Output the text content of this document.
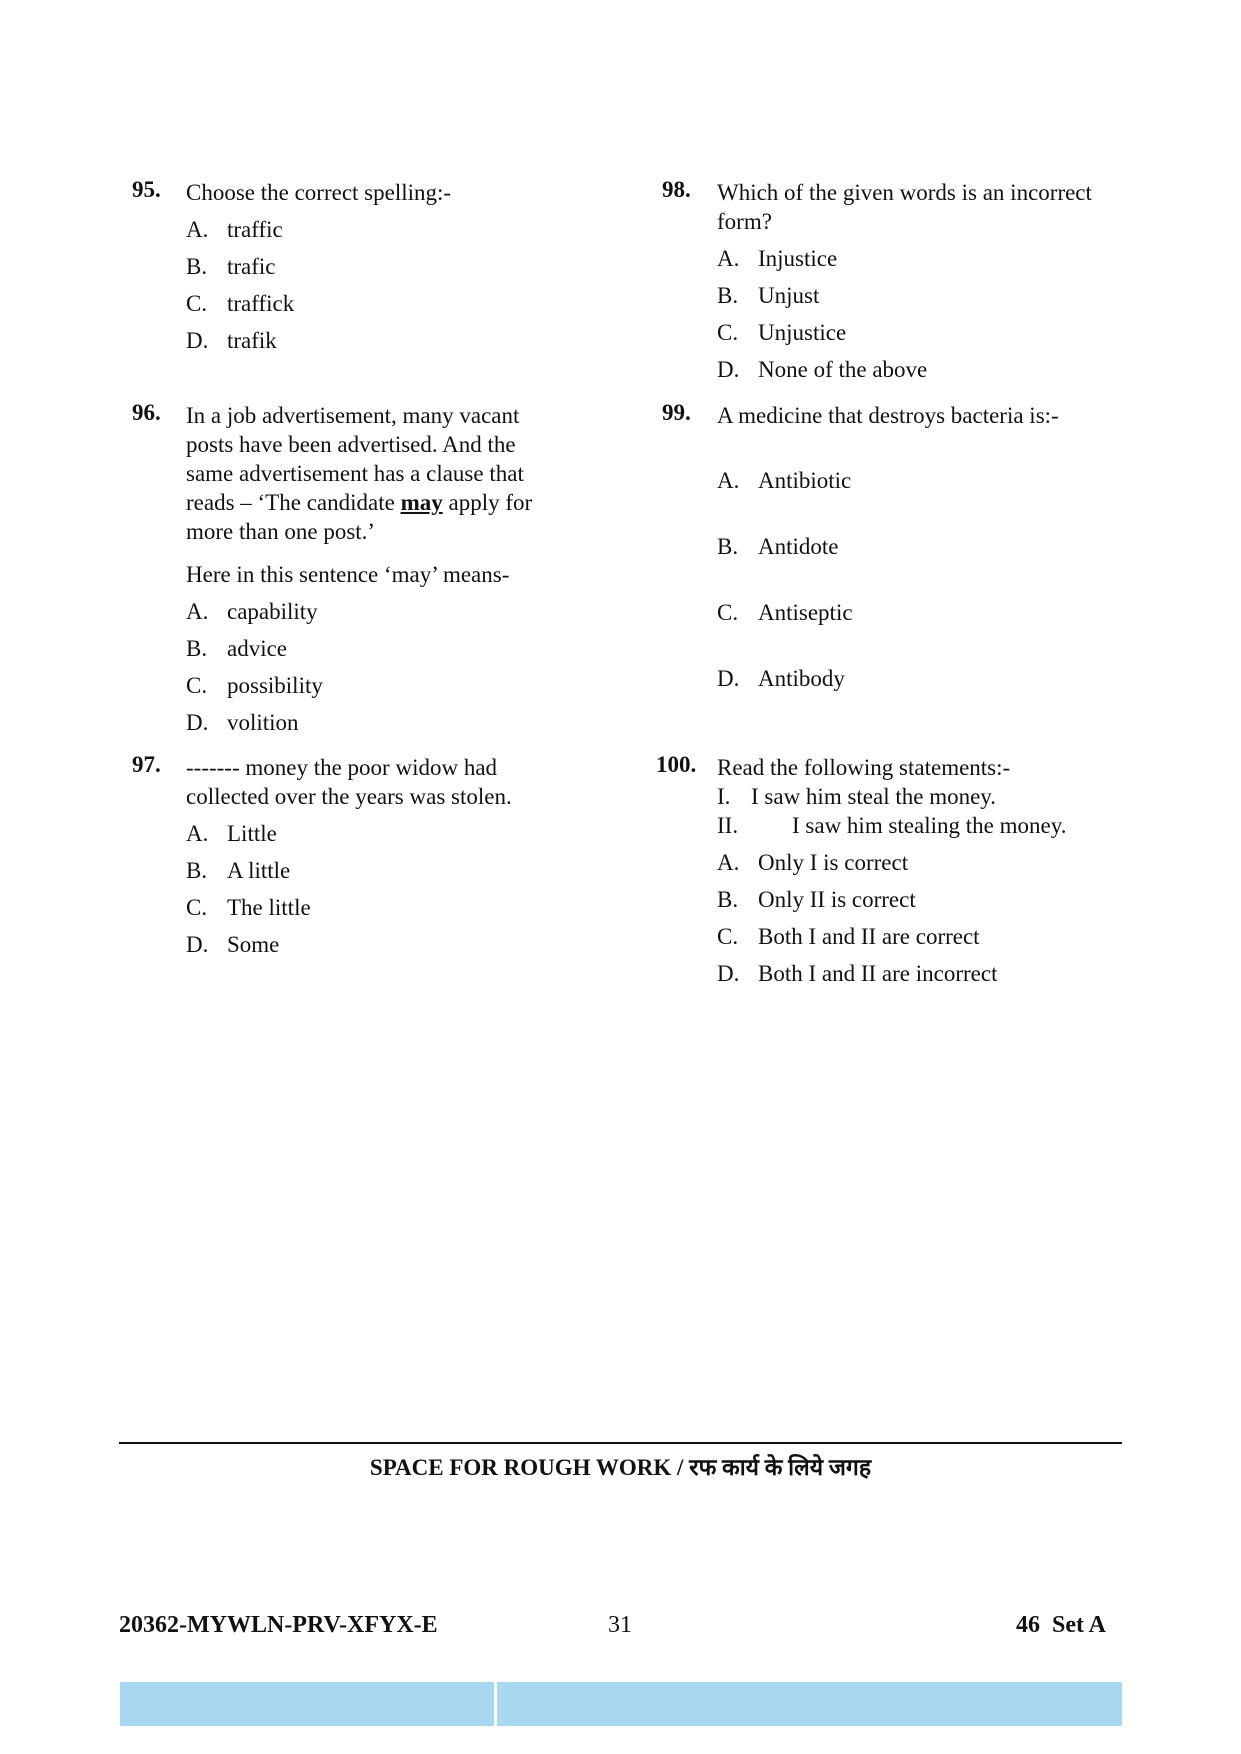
95. Choose the correct spelling:-
A. traffic
B. trafic
C. traffick
D. trafik
96. In a job advertisement, many vacant
posts have been advertised. And the
same advertisement has a clause that
reads – ‘The candidate may apply for
more than one post.’
Here in this sentence ‘may’ means-
A. capability
B. advice
C. possibility
D. volition
97. ------- money the poor widow had
collected over the years was stolen.
A. Little
B. A little
C. The little
D. Some
98. Which of the given words is an incorrect
form?
A. Injustice
B. Unjust
C. Unjustice
D. None of the above
99. A medicine that destroys bacteria is:-
A. Antibiotic
B. Antidote
C. Antiseptic
D. Antibody
100. Read the following statements:-
I. I saw him steal the money.
II. I saw him stealing the money.
A. Only I is correct
B. Only II is correct
C. Both I and II are correct
D. Both I and II are incorrect
SPACE FOR ROUGH WORK / रफ कार्य के लिये जगह
20362-MYWLN-PRV-XFYX-E	31	46 Set A
